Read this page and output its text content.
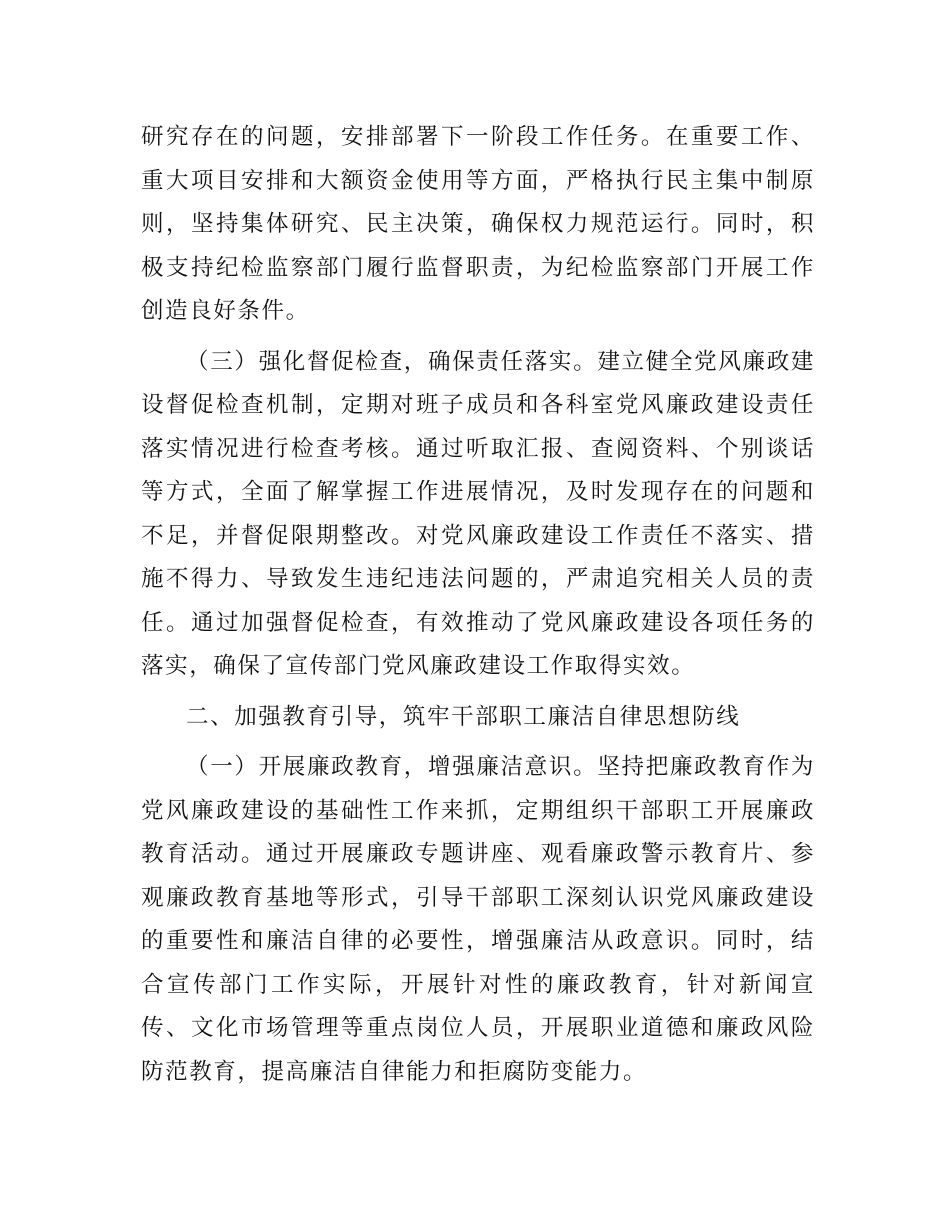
研究存在的问题，安排部署下一阶段工作任务。在重要工作、重大项目安排和大额资金使用等方面，严格执行民主集中制原则，坚持集体研究、民主决策，确保权力规范运行。同时，积极支持纪检监察部门履行监督职责，为纪检监察部门开展工作创造良好条件。

（三）强化督促检查，确保责任落实。建立健全党风廉政建设督促检查机制，定期对班子成员和各科室党风廉政建设责任落实情况进行检查考核。通过听取汇报、查阅资料、个别谈话等方式，全面了解掌握工作进展情况，及时发现存在的问题和不足，并督促限期整改。对党风廉政建设工作责任不落实、措施不得力、导致发生违纪违法问题的，严肃追究相关人员的责任。通过加强督促检查，有效推动了党风廉政建设各项任务的落实，确保了宣传部门党风廉政建设工作取得实效。

二、加强教育引导，筑牢干部职工廉洁自律思想防线

（一）开展廉政教育，增强廉洁意识。坚持把廉政教育作为党风廉政建设的基础性工作来抓，定期组织干部职工开展廉政教育活动。通过开展廉政专题讲座、观看廉政警示教育片、参观廉政教育基地等形式，引导干部职工深刻认识党风廉政建设的重要性和廉洁自律的必要性，增强廉洁从政意识。同时，结合宣传部门工作实际，开展针对性的廉政教育，针对新闻宣传、文化市场管理等重点岗位人员，开展职业道德和廉政风险防范教育，提高廉洁自律能力和拒腐防变能力。
